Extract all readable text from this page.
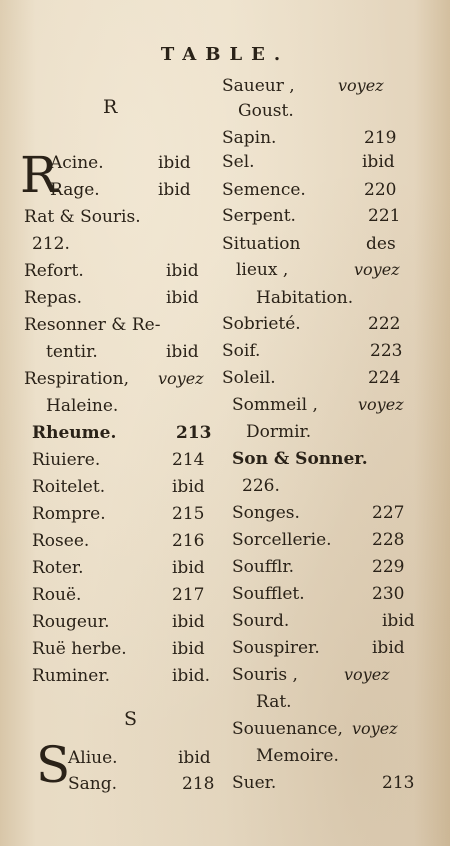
TABLE.
R
R
Acine.	ibid
Rage.	ibid
Rat & Souris.
212.
Refort.	ibid
Repas.	ibid
Resonner & Re-
tentir.	ibid
Respiration, voyez
Haleine.
Rheume.	213
Riuiere.	214
Roitelet.	ibid
Rompre.	215
Rosee.	216
Roter.	ibid
Rouë.	217
Rougeur.	ibid
Ruë herbe.	ibid
Ruminer.	ibid.
S
S
Aliue.	ibid
Sang.	218
Saueur ,	voyez
Goust.
Sapin.	219
Sel.	ibid
Semence.	220
Serpent.	221
Situation	des
lieux ,	voyez
Habitation.
Sobrieté.	222
Soif.	223
Soleil.	224
Sommeil ,	voyez
Dormir.
Son & Sonner.
226.
Songes.	227
Sorcellerie. 228
Soufflr.	229
Soufflet.	230
Sourd.	ibid
Souspirer.	ibid
Souris ,	voyez
Rat.
Souuenance, voyez
Memoire.
Suer.	213
